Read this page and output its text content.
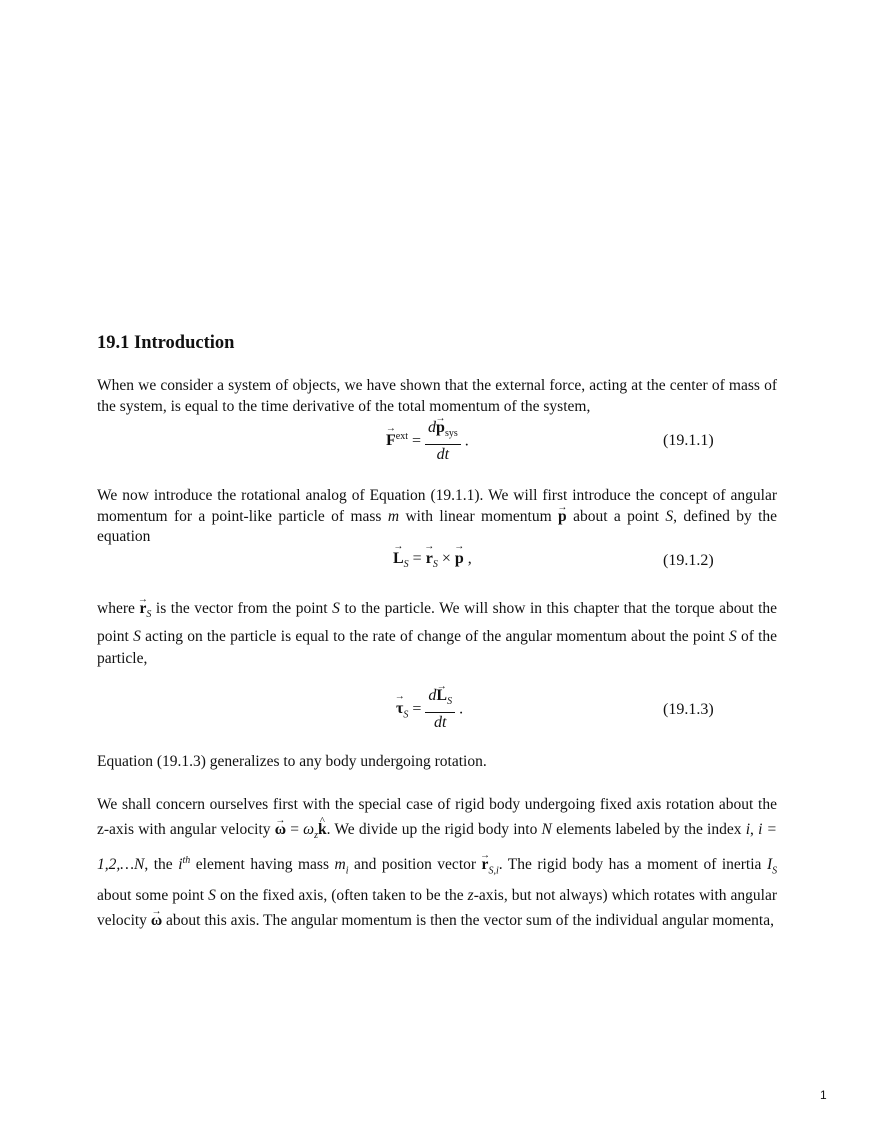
19.1 Introduction

When we consider a system of objects, we have shown that the external force, acting at the center of mass of the system, is equal to the time derivative of the total momentum of the system,

→ $F^{ext} = \frac{d\to p_{sys}}{dt}$ .	(19.1.1)

We now introduce the rotational analog of Equation (19.1.1). We will first introduce the concept of angular momentum for a point-like particle of mass m with linear momentum → p about a point S, defined by the equation

→ $L_S$ = → $r_S$ × → p ,	(19.1.2)

where → $r_S$ is the vector from the point S to the particle. We will show in this chapter that the torque about the point S acting on the particle is equal to the rate of change of the angular momentum about the point S of the particle,

→ $\tau_S = \frac{d\to L_S}{dt}$ .	(19.1.3)

Equation (19.1.3) generalizes to any body undergoing rotation.

We shall concern ourselves first with the special case of rigid body undergoing fixed axis rotation about the z-axis with angular velocity → $\omega = \omega_z\^{}$ k. We divide up the rigid body into N elements labeled by the index i, i = 1,2,…N, the $i^{th}$ element having mass $m_i$ and position vector → $r_{S,i}$. The rigid body has a moment of inertia $I_S$ about some point S on the fixed axis, (often taken to be the z-axis, but not always) which rotates with angular velocity → ω about this axis. The angular momentum is then the vector sum of the individual angular momenta,

1
